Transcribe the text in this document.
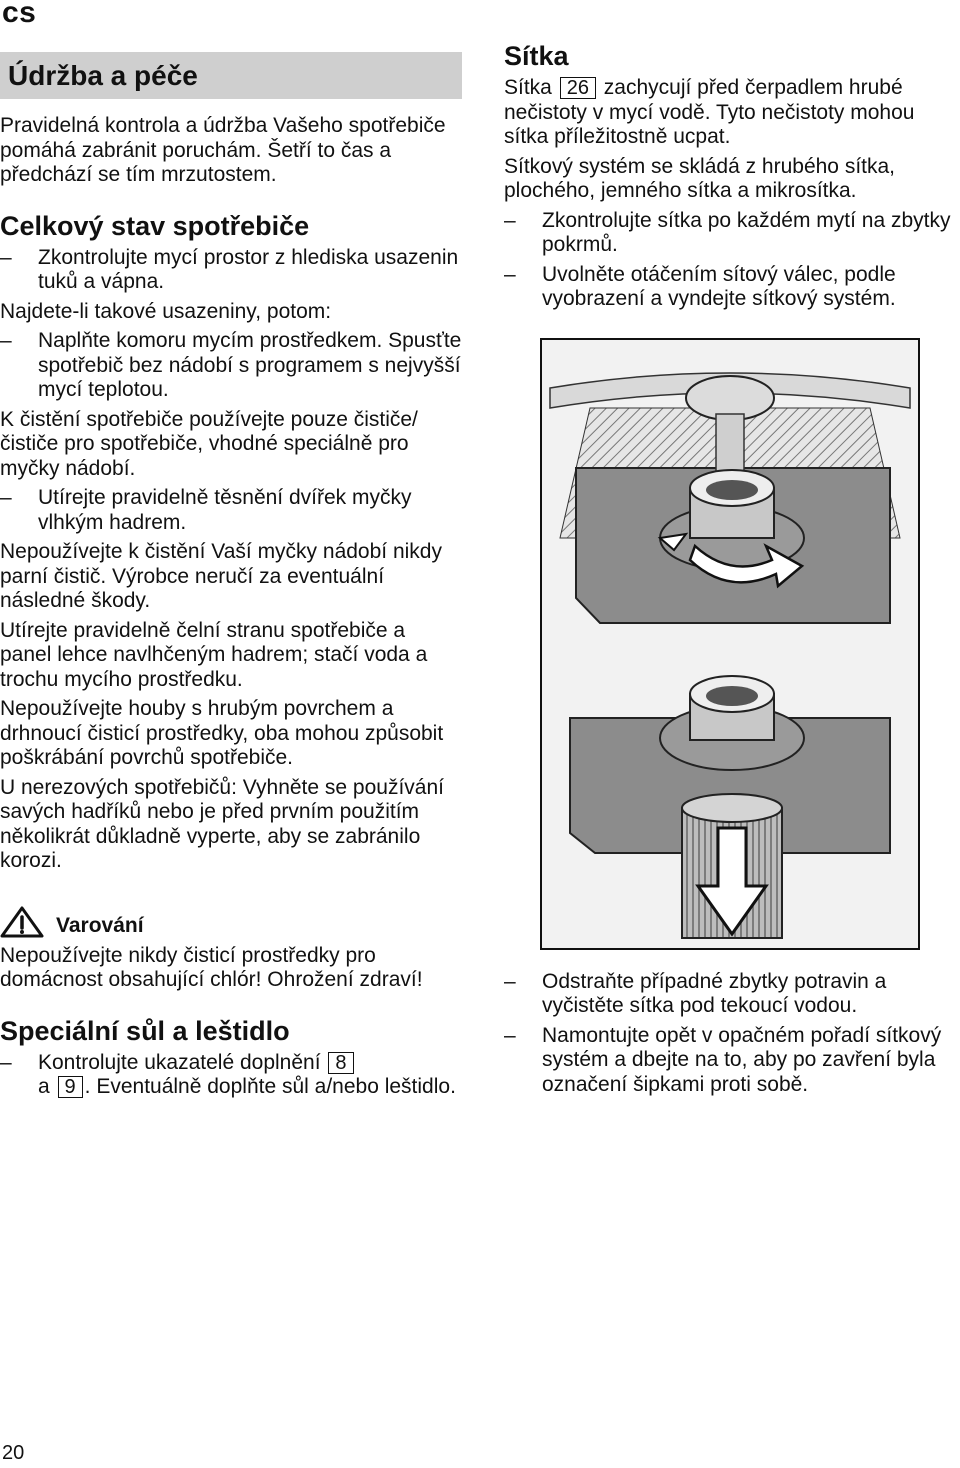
cs
Údržba a péče

Pravidelná kontrola a údržba Vašeho spotřebiče pomáhá zabránit poruchám. Šetří to čas a předchází se tím mrzutostem.

Celkový stav spotřebiče

– Zkontrolujte mycí prostor z hlediska usazenin tuků a vápna.

Najdete-li takové usazeniny, potom:

– Naplňte komoru mycím prostředkem. Spusťte spotřebič bez nádobí s programem s nejvyšší mycí teplotou.

K čistění spotřebiče používejte pouze čističe/čističe pro spotřebiče, vhodné speciálně pro myčky nádobí.

– Utírejte pravidelně těsnění dvířek myčky vlhkým hadrem.

Nepoužívejte k čistění Vaší myčky nádobí nikdy parní čistič. Výrobce neručí za eventuální následné škody.

Utírejte pravidelně čelní stranu spotřebiče a panel lehce navlhčeným hadrem; stačí voda a trochu mycího prostředku.

Nepoužívejte houby s hrubým povrchem a drhnoucí čisticí prostředky, oba mohou způsobit poškrábání povrchů spotřebiče.

U nerezových spotřebičů: Vyhněte se používání savých hadříků nebo je před prvním použitím několikrát důkladně vyperte, aby se zabránilo korozi.

Varování

Nepoužívejte nikdy čisticí prostředky pro domácnost obsahující chlór! Ohrožení zdraví!

Speciální sůl a leštidlo

– Kontrolujte ukazatelé doplnění 8
a 9 . Eventuálně doplňte sůl a/nebo leštidlo.

Sítka

Sítka 26 zachycují před čerpadlem hrubé nečistoty v mycí vodě. Tyto nečistoty mohou sítka příležitostně ucpat.

Sítkový systém se skládá z hrubého sítka, plochého, jemného sítka a mikrosítka.

– Zkontrolujte sítka po každém mytí na zbytky pokrmů.

– Uvolněte otáčením sítový válec, podle vyobrazení a vyndejte sítkový systém.

– Odstraňte případné zbytky potravin a vyčistěte sítka pod tekoucí vodou.

– Namontujte opět v opačném pořadí sítkový systém a dbejte na to, aby po zavření byla označení šipkami proti sobě.

20
